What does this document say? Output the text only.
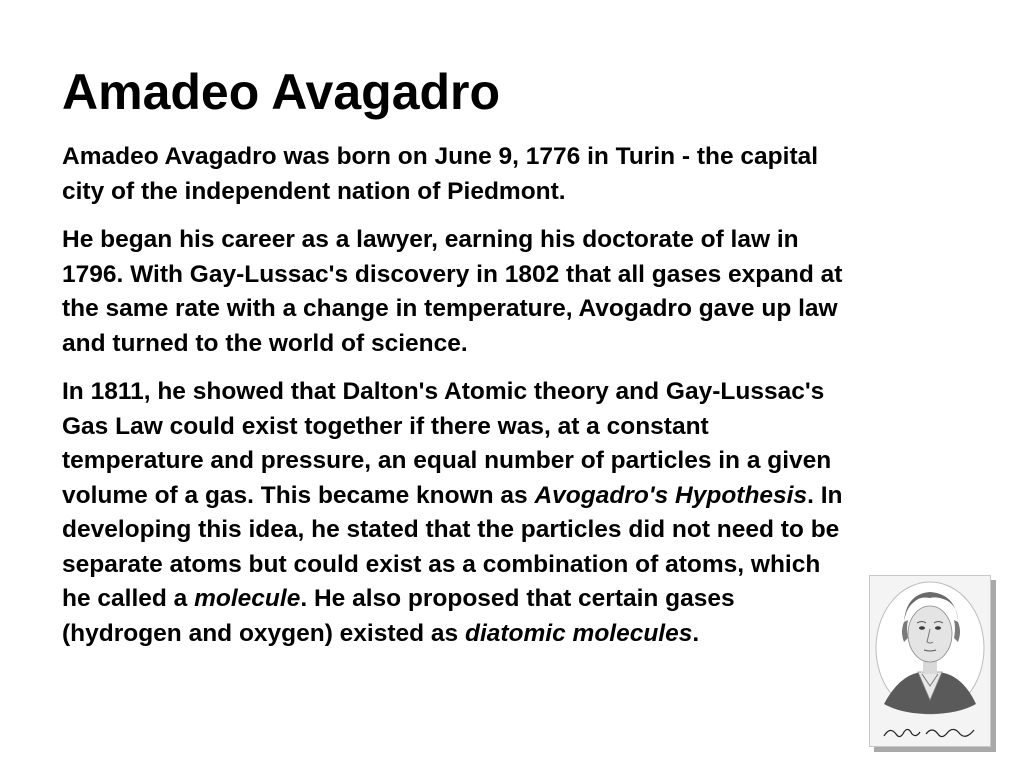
Amadeo Avagadro

Amadeo Avagadro was born on June 9, 1776 in Turin - the capital
city of the independent nation of Piedmont.

He began his career as a lawyer, earning his doctorate of law in
1796. With Gay-Lussac's discovery in 1802 that all gases expand at
the same rate with a change in temperature, Avogadro gave up law
and turned to the world of science.

In 1811, he showed that Dalton's Atomic theory and Gay-Lussac's
Gas Law could exist together if there was, at a constant
temperature and pressure, an equal number of particles in a given
volume of a gas. This became known as Avogadro's Hypothesis. In
developing this idea, he stated that the particles did not need to be
separate atoms but could exist as a combination of atoms, which
he called a molecule. He also proposed that certain gases
(hydrogen and oxygen) existed as diatomic molecules.
